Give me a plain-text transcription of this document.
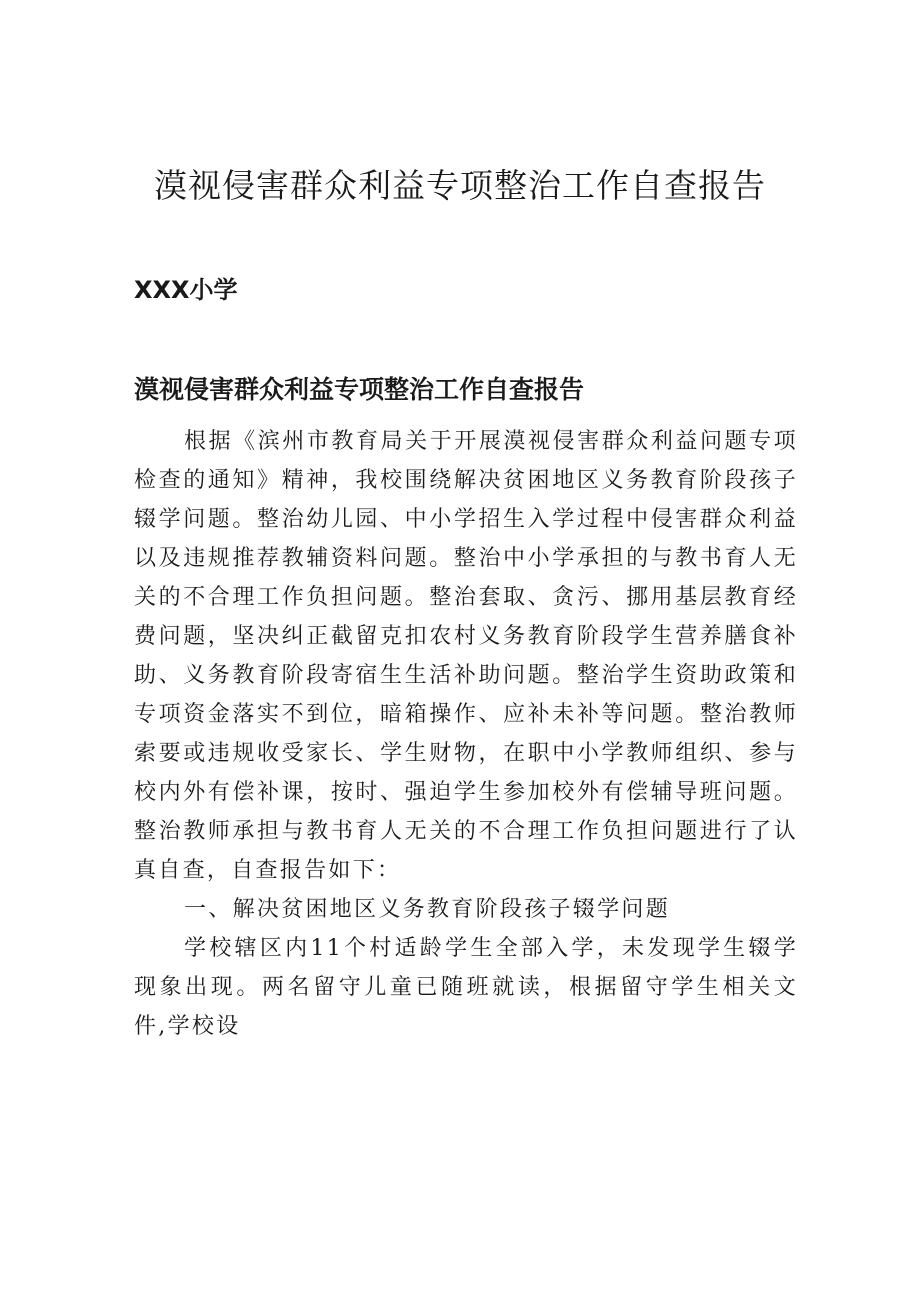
漠视侵害群众利益专项整治工作自查报告
XXX小学
漠视侵害群众利益专项整治工作自查报告

根据《滨州市教育局关于开展漠视侵害群众利益问题专项检查的通知》精神，我校围绕解决贫困地区义务教育阶段孩子辍学问题。整治幼儿园、中小学招生入学过程中侵害群众利益以及违规推荐教辅资料问题。整治中小学承担的与教书育人无关的不合理工作负担问题。整治套取、贪污、挪用基层教育经费问题，坚决纠正截留克扣农村义务教育阶段学生营养膳食补助、义务教育阶段寄宿生生活补助问题。整治学生资助政策和专项资金落实不到位，暗箱操作、应补未补等问题。整治教师索要或违规收受家长、学生财物，在职中小学教师组织、参与校内外有偿补课，按时、强迫学生参加校外有偿辅导班问题。整治教师承担与教书育人无关的不合理工作负担问题进行了认真自查，自查报告如下：

一、解决贫困地区义务教育阶段孩子辍学问题

学校辖区内11个村适龄学生全部入学，未发现学生辍学现象出现。两名留守儿童已随班就读，根据留守学生相关文件,学校设
